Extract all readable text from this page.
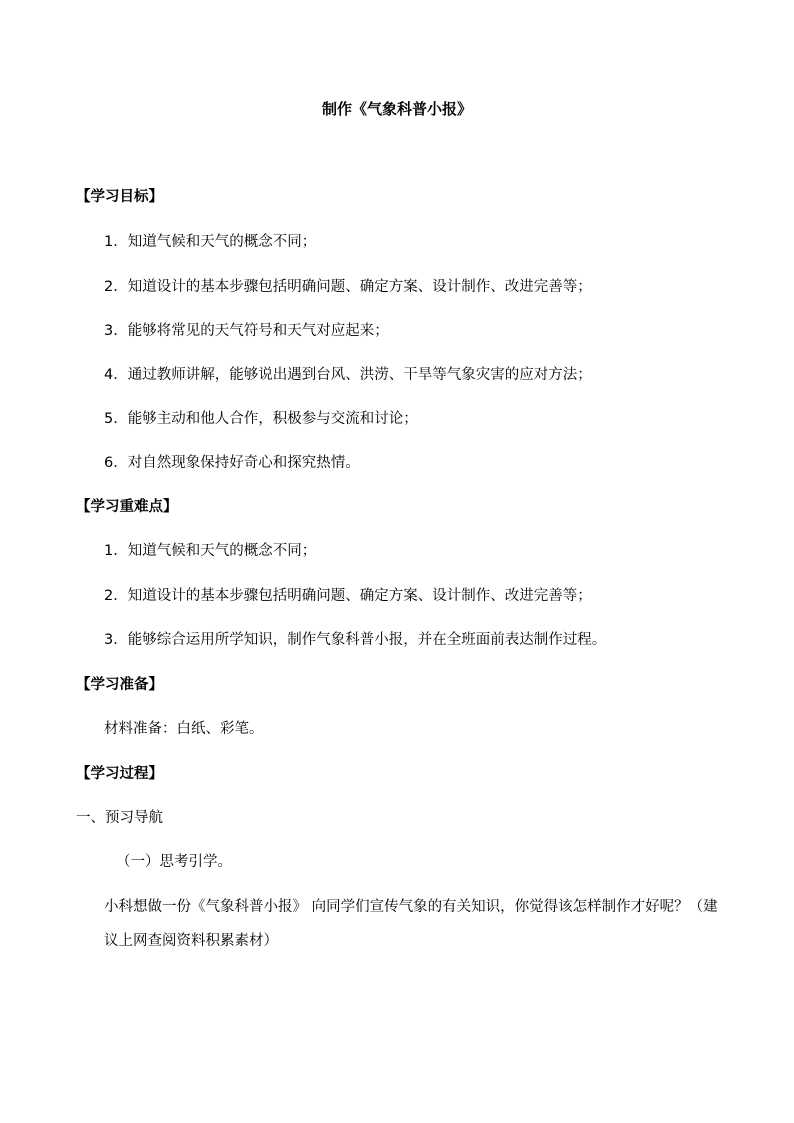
制作《气象科普小报》
【学习目标】
1．知道气候和天气的概念不同；
2．知道设计的基本步骤包括明确问题、确定方案、设计制作、改进完善等；
3．能够将常见的天气符号和天气对应起来；
4．通过教师讲解，能够说出遇到台风、洪涝、干旱等气象灾害的应对方法；
5．能够主动和他人合作，积极参与交流和讨论；
6．对自然现象保持好奇心和探究热情。
【学习重难点】
1．知道气候和天气的概念不同；
2．知道设计的基本步骤包括明确问题、确定方案、设计制作、改进完善等；
3．能够综合运用所学知识，制作气象科普小报，并在全班面前表达制作过程。
【学习准备】
材料准备：白纸、彩笔。
【学习过程】
一、预习导航
（一）思考引学。
小科想做一份《气象科普小报》 向同学们宣传气象的有关知识，你觉得该怎样制作才好呢？（建议上网查阅资料积累素材）
